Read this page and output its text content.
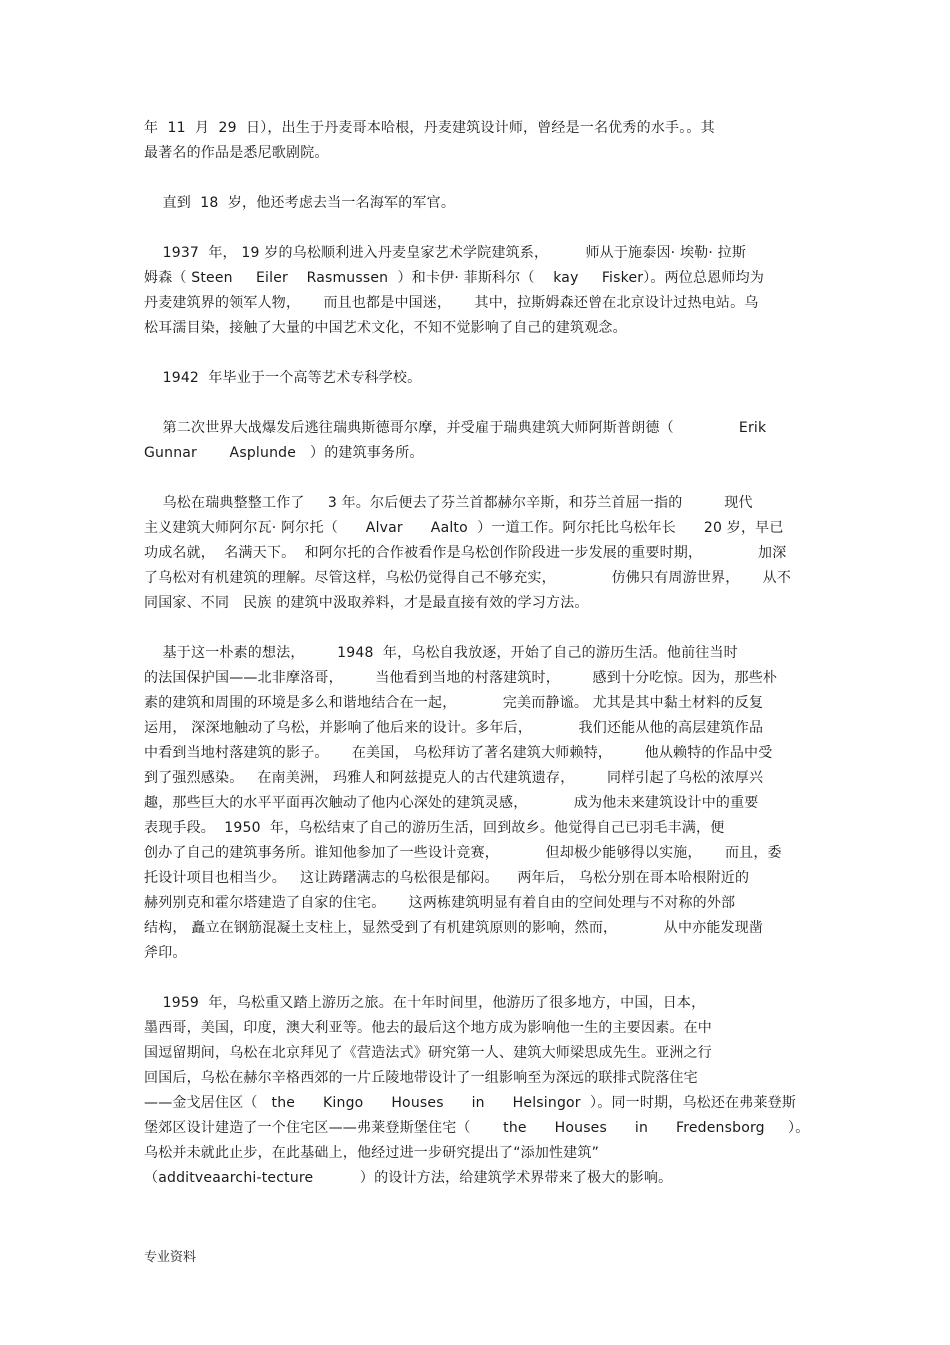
年  11  月  29  日），出生于丹麦哥本哈根，丹麦建筑设计师，曾经是一名优秀的水手。。其
最著名的作品是悉尼歌剧院。
直到  18  岁，他还考虑去当一名海军的军官。
1937  年， 19 岁的乌松顺利进入丹麦皇家艺术学院建筑系，        师从于施泰因· 埃勒· 拉斯
姆森（ Steen     Eiler    Rasmussen  ）和卡伊· 菲斯科尔（    kay     Fisker）。两位总恩师均为
丹麦建筑界的领军人物，     而且也都是中国迷，     其中，拉斯姆森还曾在北京设计过热电站。乌
松耳濡目染，接触了大量的中国艺术文化，不知不觉影响了自己的建筑观念。
1942  年毕业于一个高等艺术专科学校。
第二次世界大战爆发后逃往瑞典斯德哥尔摩，并受雇于瑞典建筑大师阿斯普朗德（              Erik
Gunnar       Asplunde   ）的建筑事务所。
乌松在瑞典整整工作了     3 年。尔后便去了芬兰首都赫尔辛斯，和芬兰首屈一指的         现代
主义建筑大师阿尔瓦· 阿尔托（      Alvar      Aalto  ）一道工作。阿尔托比乌松年长      20 岁，早已
功成名就，  名满天下。  和阿尔托的合作被看作是乌松创作阶段进一步发展的重要时期，            加深
了乌松对有机建筑的理解。尽管这样，乌松仍觉得自己不够充实，            仿佛只有周游世界，     从不
同国家、不同   民族 的建筑中汲取养料，才是最直接有效的学习方法。
基于这一朴素的想法，       1948  年，乌松自我放逐，开始了自己的游历生活。他前往当时
的法国保护国——北非摩洛哥，       当他看到当地的村落建筑时，       感到十分吃惊。因为，那些朴
素的建筑和周围的环境是多么和谐地结合在一起，          完美而静谧。 尤其是其中黏土材料的反复
运用， 深深地触动了乌松，并影响了他后来的设计。多年后，          我们还能从他的高层建筑作品
中看到当地村落建筑的影子。     在美国， 乌松拜访了著名建筑大师赖特，       他从赖特的作品中受
到了强烈感染。   在南美洲， 玛雅人和阿兹提克人的古代建筑遗存，       同样引起了乌松的浓厚兴
趣，那些巨大的水平平面再次触动了他内心深处的建筑灵感，          成为他未来建筑设计中的重要
表现手段。  1950  年，乌松结束了自己的游历生活，回到故乡。他觉得自己已羽毛丰满，便
创办了自己的建筑事务所。谁知他参加了一些设计竞赛，          但却极少能够得以实施，     而且，委
托设计项目也相当少。   这让踌躇满志的乌松很是郁闷。    两年后， 乌松分别在哥本哈根附近的
赫列别克和霍尔塔建造了自家的住宅。     这两栋建筑明显有着自由的空间处理与不对称的外部
结构， 矗立在钢筋混凝土支柱上，显然受到了有机建筑原则的影响，然而，          从中亦能发现凿
斧印。
1959  年，乌松重又踏上游历之旅。在十年时间里，他游历了很多地方，中国，日本，
墨西哥，美国，印度，澳大利亚等。他去的最后这个地方成为影响他一生的主要因素。在中
国逗留期间，乌松在北京拜见了《营造法式》研究第一人、建筑大师梁思成先生。亚洲之行
回国后，乌松在赫尔辛格西郊的一片丘陵地带设计了一组影响至为深远的联排式院落住宅
——金戈居住区（   the      Kingo      Houses      in      Helsingor  ）。同一时期，乌松还在弗莱登斯
堡郊区设计建造了一个住宅区——弗莱登斯堡住宅（       the      Houses      in      Fredensborg     ）。
乌松并未就此止步，在此基础上，他经过进一步研究提出了“添加性建筑”
（additveaarchi-tecture          ）的设计方法，给建筑学术界带来了极大的影响。
专业资料
